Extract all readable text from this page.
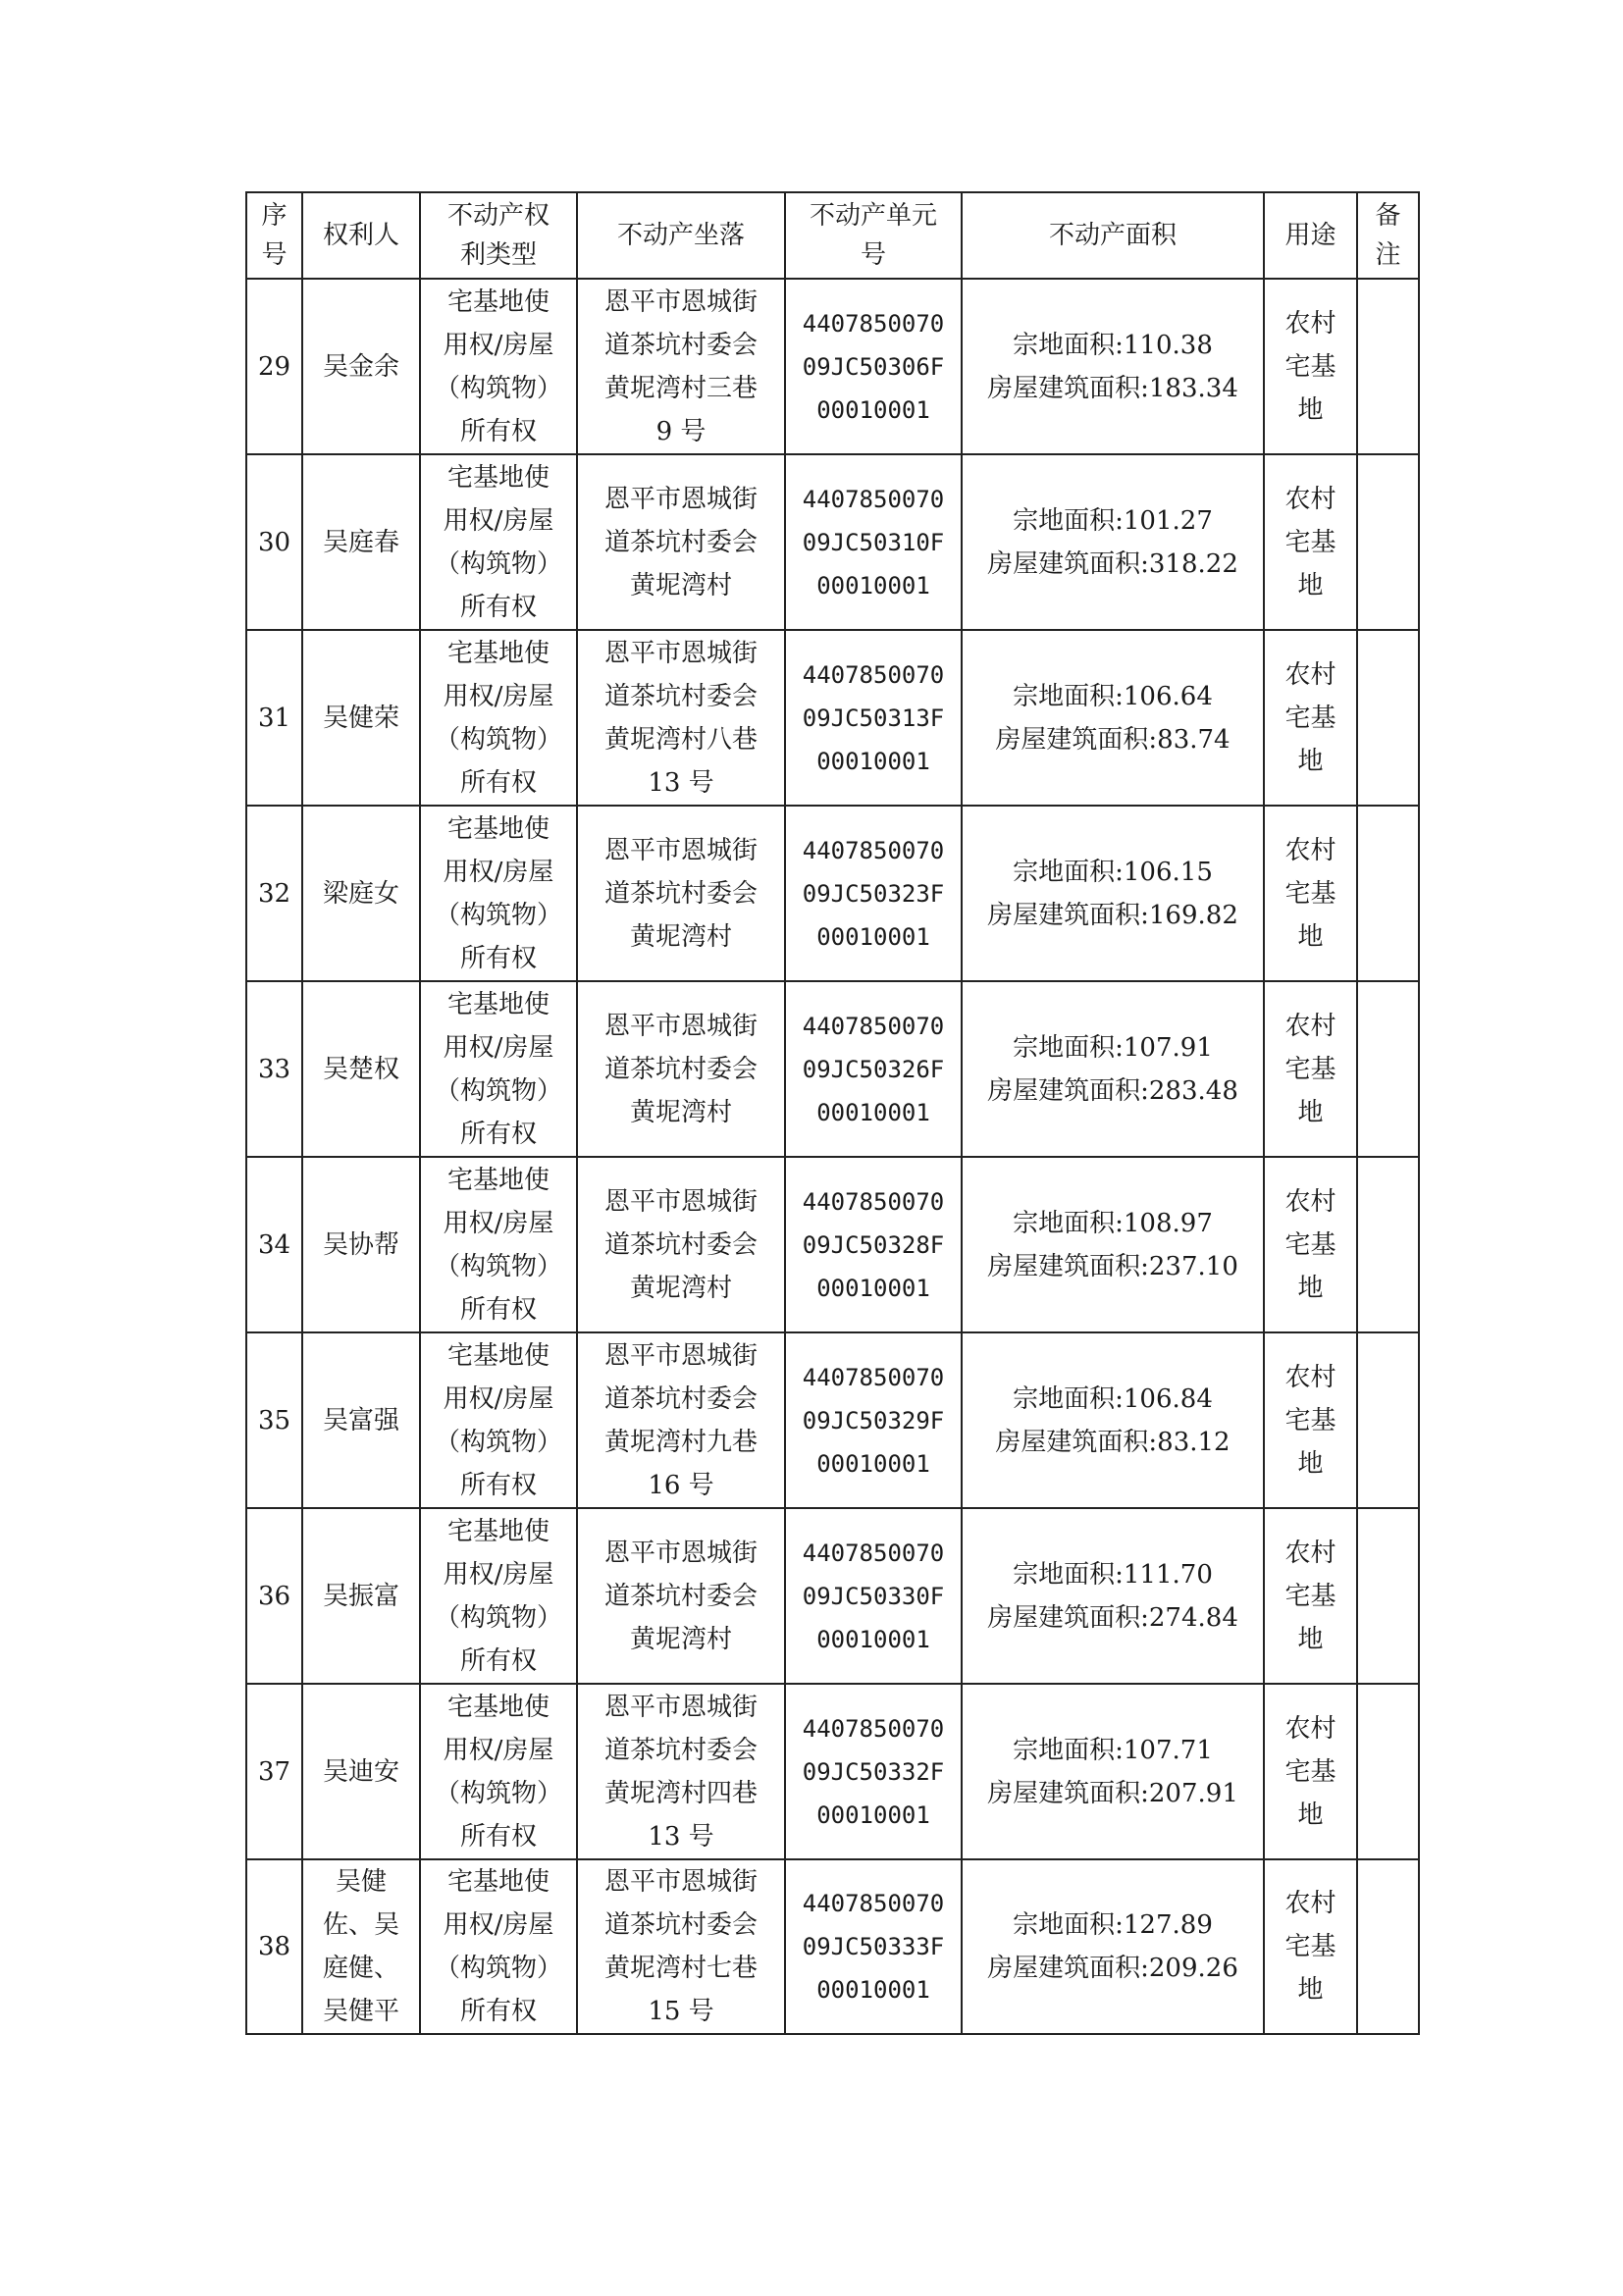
序
号	权利人	不动产权
利类型	不动产坐落	不动产单元
号	不动产面积	用途	备
注

29	吴金余	宅基地使
用权/房屋
（构筑物）
所有权	恩平市恩城街
道茶坑村委会
黄坭湾村三巷
9 号	4407850070
09JC50306F
00010001	宗地面积:110.38
房屋建筑面积:183.34	农村
宅基
地	

30	吴庭春	宅基地使
用权/房屋
（构筑物）
所有权	恩平市恩城街
道茶坑村委会
黄坭湾村	4407850070
09JC50310F
00010001	宗地面积:101.27
房屋建筑面积:318.22	农村
宅基
地	

31	吴健荣	宅基地使
用权/房屋
（构筑物）
所有权	恩平市恩城街
道茶坑村委会
黄坭湾村八巷
13 号	4407850070
09JC50313F
00010001	宗地面积:106.64
房屋建筑面积:83.74	农村
宅基
地	

32	梁庭女	宅基地使
用权/房屋
（构筑物）
所有权	恩平市恩城街
道茶坑村委会
黄坭湾村	4407850070
09JC50323F
00010001	宗地面积:106.15
房屋建筑面积:169.82	农村
宅基
地	

33	吴楚权	宅基地使
用权/房屋
（构筑物）
所有权	恩平市恩城街
道茶坑村委会
黄坭湾村	4407850070
09JC50326F
00010001	宗地面积:107.91
房屋建筑面积:283.48	农村
宅基
地	

34	吴协帮	宅基地使
用权/房屋
（构筑物）
所有权	恩平市恩城街
道茶坑村委会
黄坭湾村	4407850070
09JC50328F
00010001	宗地面积:108.97
房屋建筑面积:237.10	农村
宅基
地	

35	吴富强	宅基地使
用权/房屋
（构筑物）
所有权	恩平市恩城街
道茶坑村委会
黄坭湾村九巷
16 号	4407850070
09JC50329F
00010001	宗地面积:106.84
房屋建筑面积:83.12	农村
宅基
地	

36	吴振富	宅基地使
用权/房屋
（构筑物）
所有权	恩平市恩城街
道茶坑村委会
黄坭湾村	4407850070
09JC50330F
00010001	宗地面积:111.70
房屋建筑面积:274.84	农村
宅基
地	

37	吴迪安	宅基地使
用权/房屋
（构筑物）
所有权	恩平市恩城街
道茶坑村委会
黄坭湾村四巷
13 号	4407850070
09JC50332F
00010001	宗地面积:107.71
房屋建筑面积:207.91	农村
宅基
地	

38	吴健
佐、吴
庭健、
吴健平	宅基地使
用权/房屋
（构筑物）
所有权	恩平市恩城街
道茶坑村委会
黄坭湾村七巷
15 号	4407850070
09JC50333F
00010001	宗地面积:127.89
房屋建筑面积:209.26	农村
宅基
地	
